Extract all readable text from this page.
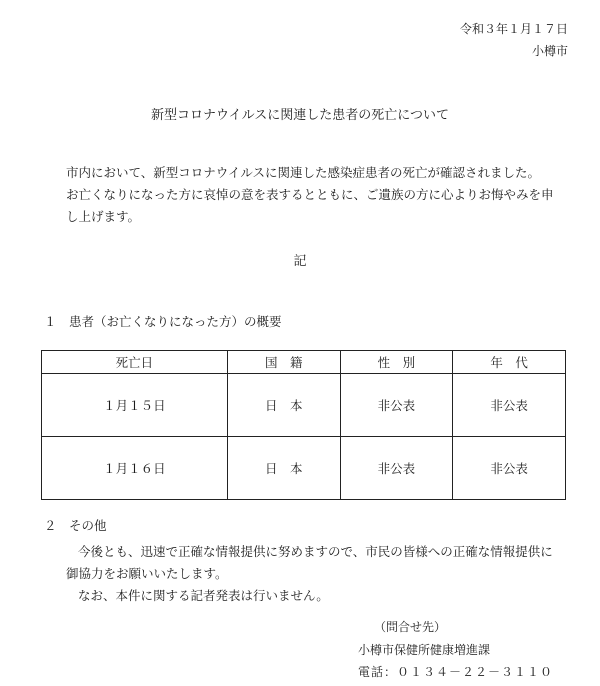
令和３年１月１７日
小樽市
新型コロナウイルスに関連した患者の死亡について
市内において、新型コロナウイルスに関連した感染症患者の死亡が確認されました。
お亡くなりになった方に哀悼の意を表するとともに、ご遺族の方に心よりお悔やみを申し上げます。
記
１　患者（お亡くなりになった方）の概要
死亡日	国　籍	性　別	年　代
１月１５日	日　本	非公表	非公表
１月１６日	日　本	非公表	非公表
２　その他
今後とも、迅速で正確な情報提供に努めますので、市民の皆様への正確な情報提供に
御協力をお願いいたします。
なお、本件に関する記者発表は行いません。
（問合せ先）
小樽市保健所健康増進課
電話：０１３４－２２－３１１０
